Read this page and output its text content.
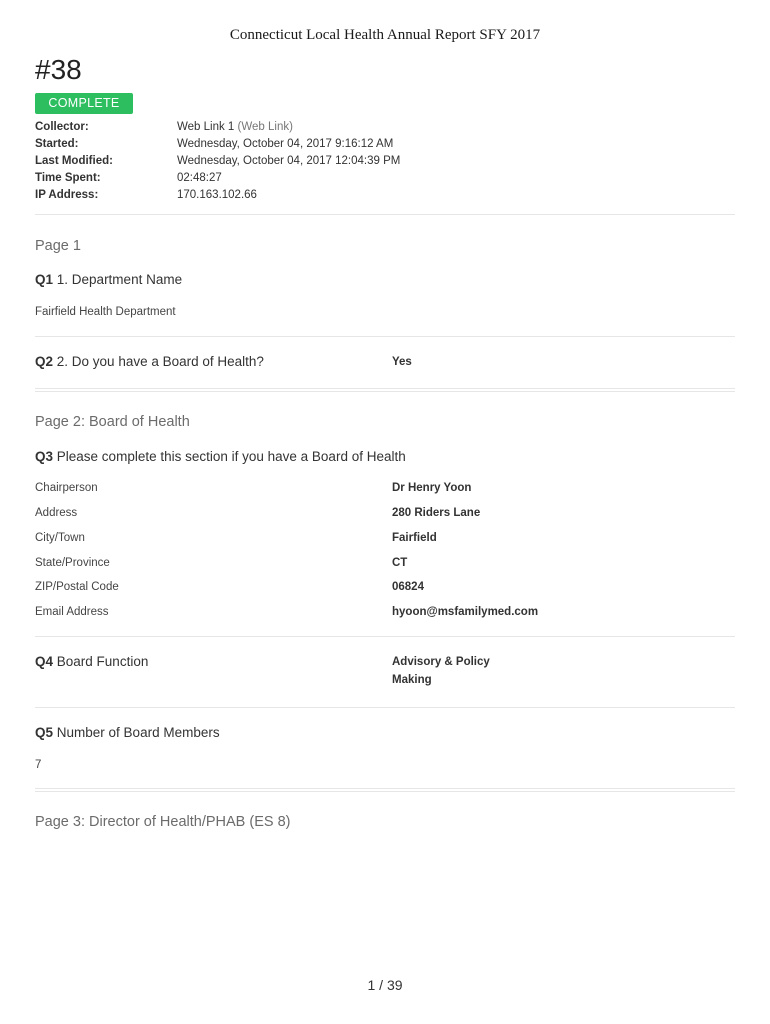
Connecticut Local Health Annual Report SFY 2017
#38
COMPLETE
Collector:	Web Link 1 (Web Link)
Started:	Wednesday, October 04, 2017 9:16:12 AM
Last Modified:	Wednesday, October 04, 2017 12:04:39 PM
Time Spent:	02:48:27
IP Address:	170.163.102.66
Page 1
Q1 1. Department Name
Fairfield Health Department
Q2 2. Do you have a Board of Health?	Yes
Page 2: Board of Health
Q3 Please complete this section if you have a Board of Health
Chairperson	Dr Henry Yoon
Address	280 Riders Lane
City/Town	Fairfield
State/Province	CT
ZIP/Postal Code	06824
Email Address	hyoon@msfamilymed.com
Q4 Board Function	Advisory & Policy
Making
Q5 Number of Board Members
7
Page 3: Director of Health/PHAB (ES 8)
1 / 39
